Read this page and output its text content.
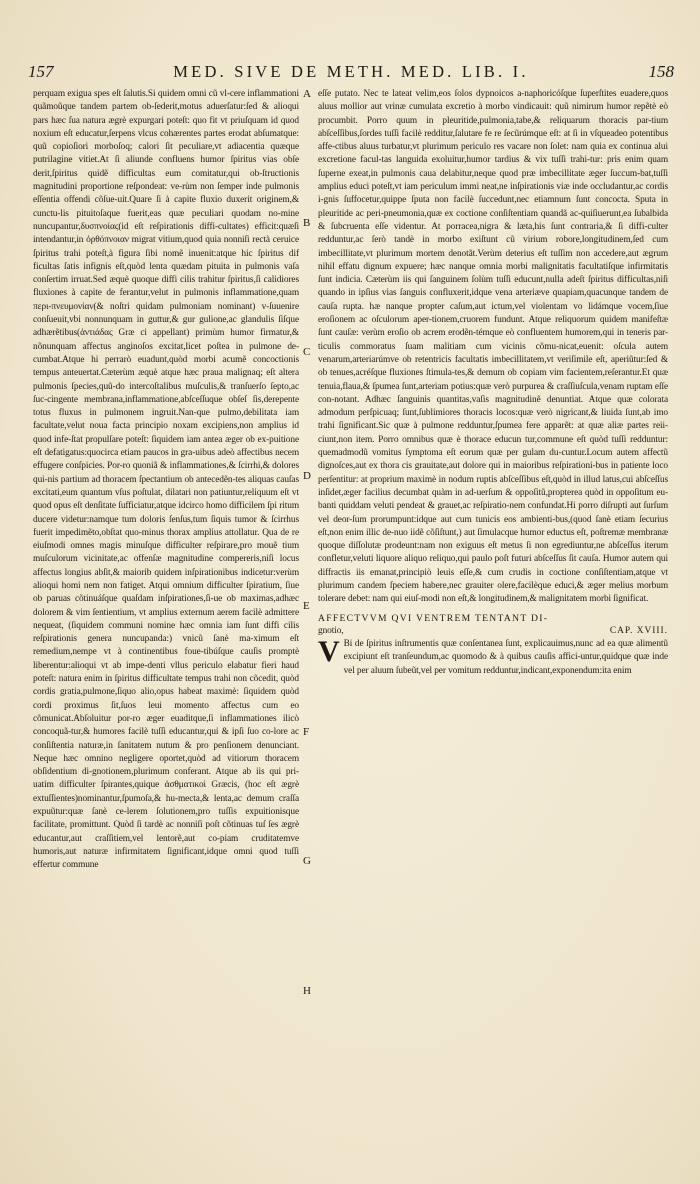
157	MED. SIVE DE METH. MED. LIB. I.	158
A
B
C
D
E
F
G
H

perquam exigua spes eſt ſalutis.Si quidem omni cũ vl-cere inflammationi quãmoũque tandem partem ob-ſederit,motus aduerſatur:ſed & alioqui pars hæc ſua natura ægrè expurgari poteſt: quo fit vt priuſquam id quod noxium eſt educatur,ſerpens vlcus cohærentes partes erodat abſumatque: quũ copioſiori morboſoq; calori ſit peculiare,vt adiacentia quæque putrilagine vitiet.At ſi aliunde confluens humor ſpiritus vias obſe derit,ſpiritus quidẽ difficultas eum comitatur,qui ob-ſtructionis magnitudini proportione reſpondeat: ve-rùm non ſemper inde pulmonis eſſentia offendi cõſue-uit.Quare ſi à capite fluxio duxerit originem,& cunctu-lis pituitoſaque fuerit,eas quæ peculiari quodam no-mine nuncupantur,δυσπνοίας(id eſt reſpirationis diffi-cultates) efficit:quæſi intendantur,in ὀρθόπνοιαν migrat vitium,quod quia nonniſi rectà ceruice ſpiritus trahi poteſt,à figura ſibi nomẽ inuenit:atque hic ſpiritus dif ficultas ſatis infignis eſt,quòd lenta quædam pituita in pulmonis vaſa conſertim irruat.Sed æquè quoque diffi cilis trahitur ſpiritus,ſi calidiores fluxiones à capite de ferantur,velut in pulmonis inflammatione,quam περι-πνευμονίαν(& noſtri quidam pulmoniam nominant) v-ſuuenire conſueuit,vbi nonnunquam in guttur,& gur gulione,ac glandulis ſiſque adhærẽtibus(ἀντιάδας Græ ci appellant) primùm humor firmatur,& nõnunquam affectus anginoſos excitat,licet poſtea in pulmone de-cumbat.Atque hi perrarò euadunt,quòd morbi acumẽ concoctionis tempus anteuertat.Cæterùm æquè atque hæc praua malignaq; eſt altera pulmonis ſpecies,quũ-do intercoſtalibus muſculis,& tranſuerſo ſepto,ac ſuc-cingente membrana,inflammatione,abſceſſuque obſeſ ſis,derepente totus fluxus in pulmonem ingruit.Nan-que pulmo,debilitata iam facultate,velut noua facta principio noxam excipiens,non amplius id quod infe-ſtat propulſare poteſt: ſiquidem iam antea æger ob ex-puitione eſt defatigatus:quocirca etiam paucos in gra-uibus adeò affectibus necem effugere conſpicies. Por-ro quoniã & inflammationes,& ſcirrhi,& dolores qui-nis partium ad thoracem ſpectantium ob antecedẽn-tes aliquas cauſas excitati,eum quantum vſus poſtulat, dilatari non patiuntur,reliquum eſt vt quod opus eſt denſitate ſufficiatur,atque idcirco homo difficilem ſpi ritum ducere videtur:namque tum doloris ſenſus,tum ſiquis tumor & ſcirrhus fuerit impedimẽto,obſtat quo-minus thorax amplius attollatur. Qua de re eiuſmodi omnes magis minuſque difficulter reſpirare,pro mouẽ tium muſculorum vicinitate,ac offenſæ magnitudine compereris,niſi locus affectus longius abſit,& maiorib quidem inſpirationibus indicetur:verùm alioqui homi nem non fatiget. Atqui omnium difficulter ſpiratium, ſiue ob paruas cõtinuáſque quaſdam inſpirationes,ſi-ue ob maximas,adhæc dolorem & vim ſentientium, vt amplius externum aerem facilè admittere nequeat, (ſiquidem communi nomine hæc omnia iam ſunt diffi cilis reſpirationis genera nuncupanda:) vnicũ ſanè ma-ximum eſt remedium,nempe vt à continentibus foue-tibúſque cauſis promptè liberentur:alioqui vt ab impe-denti vllus periculo elabatur fieri haud poteſt: natura enim in ſpiritus difficultate tempus trahi non cõcedit, quòd cordis gratia,pulmone,ſiquo alio,opus habeat maximè: ſiquidem quòd cordi proximus ſit,ſuos leui momento affectus cum eo cõmunicat.Abſoluitur por-ro æger euaditque,ſi inflammationes ilicò concoquã-tur,& humores facilè tuſſi educantur,qui & ipſi ſuo co-lore ac conſiſtentia naturæ,in ſanitatem nutum & pro penſionem denunciant. Neque hæc omnino negligere oportet,quòd ad vitiorum thoracem obſidentium di-gnotionem,plurimum conferant. Atque ab iis qui pri-uatim difficulter ſpirantes,quique ἀσθματικοὶ Græcis, (hoc eſt ægrè extuſſientes)nominantur,ſpumoſa,& hu-mecta,& lenta,ac demum craſſa expuũtur:quæ ſanè ce-lerem ſolutionem,pro tuſſis expuitionisque facilitate, promittunt. Quòd ſi tardè ac nonniſi poſt cõtinuas tuſ ſes ægrè educantur,aut craſſitiem,vel lentorẽ,aut co-piam cruditatemve humoris,aut naturæ infirmitatem ſignificant,idque omni quod tuſſi effertur commune

eſſe putato. Nec te lateat velim,eos ſolos dypnoicos a-naphoricóſque ſuperſtites euadere,quos aluus mollior aut vrinæ cumulata excretio à morbo vindicauit: quũ nimirum humor repẽtè eò procumbit. Porro quum in pleuritide,pulmonia,tabe,& reliquarum thoracis par-tium abſceſſibus,ſordes tuſſi facilè redditur,ſalutare fe re ſecũrúmque eſt: at ſi in vſqueadeo potentibus affe-ctibus aluus turbatur,vt plurimum periculo res vacare non ſolet: nam quia ex continua alui excretione facul-tas languida exoluitur,humor tardius & vix tuſſi trahi-tur: pris enim quam ſuperne exeat,in pulmonis caua delabitur,neque quod præ imbecillitate æger ſuccum-bat,tuſſi amplius educi poteſt,vt iam periculum immi neat,ne inſpirationis viæ inde occludantur,ac cordis i-gnis ſuffocetur,quippe ſputa non facilè ſuccedunt,nec etiamnum ſunt concocta. Sputa in pleuritide ac peri-pneumonia,quæ ex coctione conſiſtentiam quandã ac-quiſiuerunt,ea ſubalbida & ſubcruenta eſſe videntur. At porracea,nigra & læta,his ſunt contraria,& ſi diffi-culter redduntur,ac ſerò tandè in morbo exiſtunt cũ virium robore,longitudinem,ſed cum imbecillitate,vt plurimum mortem denotãt.Verùm deterius eſt tuſſim non accedere,aut ægrum nihil effatu dignum expuere; hæc nanque omnia morbi malignitatis facultatiſque infirmitatis ſunt indicia. Cæterùm iis qui ſanguinem ſolùm tuſſi educunt,nulla adeſt ſpiritus difficultas,niſi quando in ipſius vias ſanguis confluxerit,idque vena arteriæve quapiam,quacunque tandem de cauſa rupta. hæ nanque propter caſum,aut ictum,vel violentam vo lidámque vocem,ſiue eroſionem ac oſculorum aper-tionem,cruorem fundunt. Atque reliquorum quidem manifeſtæ ſunt cauſæ: verùm eroſio ob acrem erodẽn-témque eò confluentem humorem,qui in teneris par-ticulis commoratus ſuam malitiam cum vicinis cõmu-nicat,euenit: oſcula autem venarum,arteriarúmve ob retentricis facultatis imbecillitatem,vt veriſimile eſt, aperiũtur:ſed & ob tenues,acréſque fluxiones ſtimula-tes,& demum ob copiam vim facientem,reſerantur.Et quæ tenuia,flaua,& ſpumea ſunt,arteriam potius:quæ verò purpurea & craſſiuſcula,venam ruptam eſſe con-notant. Adhæc ſanguinis quantitas,vaſis magnitudinẽ denuntiat. Atque quæ colorata admodum perſpicuaq; ſunt,ſublimiores thoracis locos:quæ verò nigricant,& liuida ſunt,ab imo trahi ſignificant.Sic quæ à pulmone redduntur,ſpumea fere apparẽt: at quæ aliæ partes reii-ciunt,non item. Porro omnibus quæ è thorace educun tur,commune eſt quòd tuſſi redduntur: quemadmodũ vomitus ſymptoma eſt eorum quæ per gulam du-cuntur.Locum autem affectũ dignoſces,aut ex thora cis grauitate,aut dolore qui in maioribus reſpirationi-bus in patiente loco perſentitur: at proprium maximè in nodum ruptis abſceſſibus eſt,quòd in illud latus,cui abſceſſus inſidet,æger facilius decumbat quàm in ad-uerſum & oppoſitũ,propterea quòd in oppoſitum eu-banti quiddam veluti pendeat & grauet,ac reſpiratio-nem confundat.Hi porro diſrupti aut ſurſum vel deor-ſum prorumpunt:idque aut cum tunicis eos ambienti-bus,(quod ſanè etiam ſecurius eſt,non enim illic de-nuo iidẽ cõſiſtunt,) aut ſimulacque humor eductus eſt, poſtremæ membranæ quoque diſſolutæ prodeunt:nam non exiguus eſt metus ſi non egrediuntur,ne abſceſſus iterum confletur,veluti liquore aliquo reliquo,qui paulo poſt futuri abſceſſus ſit cauſa. Humor autem qui diffractis iis emanat,principiò leuis eſſe,& cum crudis in coctione conſiſtentiam,atque vt plurimum candem ſpeciem habere,nec grauiter olere,facilèque educi,& æger melius morbum tolerare debet: nam qui eiuſ-modi non eſt,& longitudinem,& malignitatem morbi ſignificat.

AFFECTVVM QVI VENTREM TENTANT DI-
gnotio,	CAP. XVIII.

V Bi de ſpiritus inſtrumentis quæ conſentanea ſunt, explicauimus,nunc ad ea quæ alimentũ excipiunt eſt tranſeundum,ac quomodo & à quibus cauſis affici-untur,quidque quæ inde vel per aluum ſubeũt,vel per vomitum redduntur,indicant,exponendum:ita enim
